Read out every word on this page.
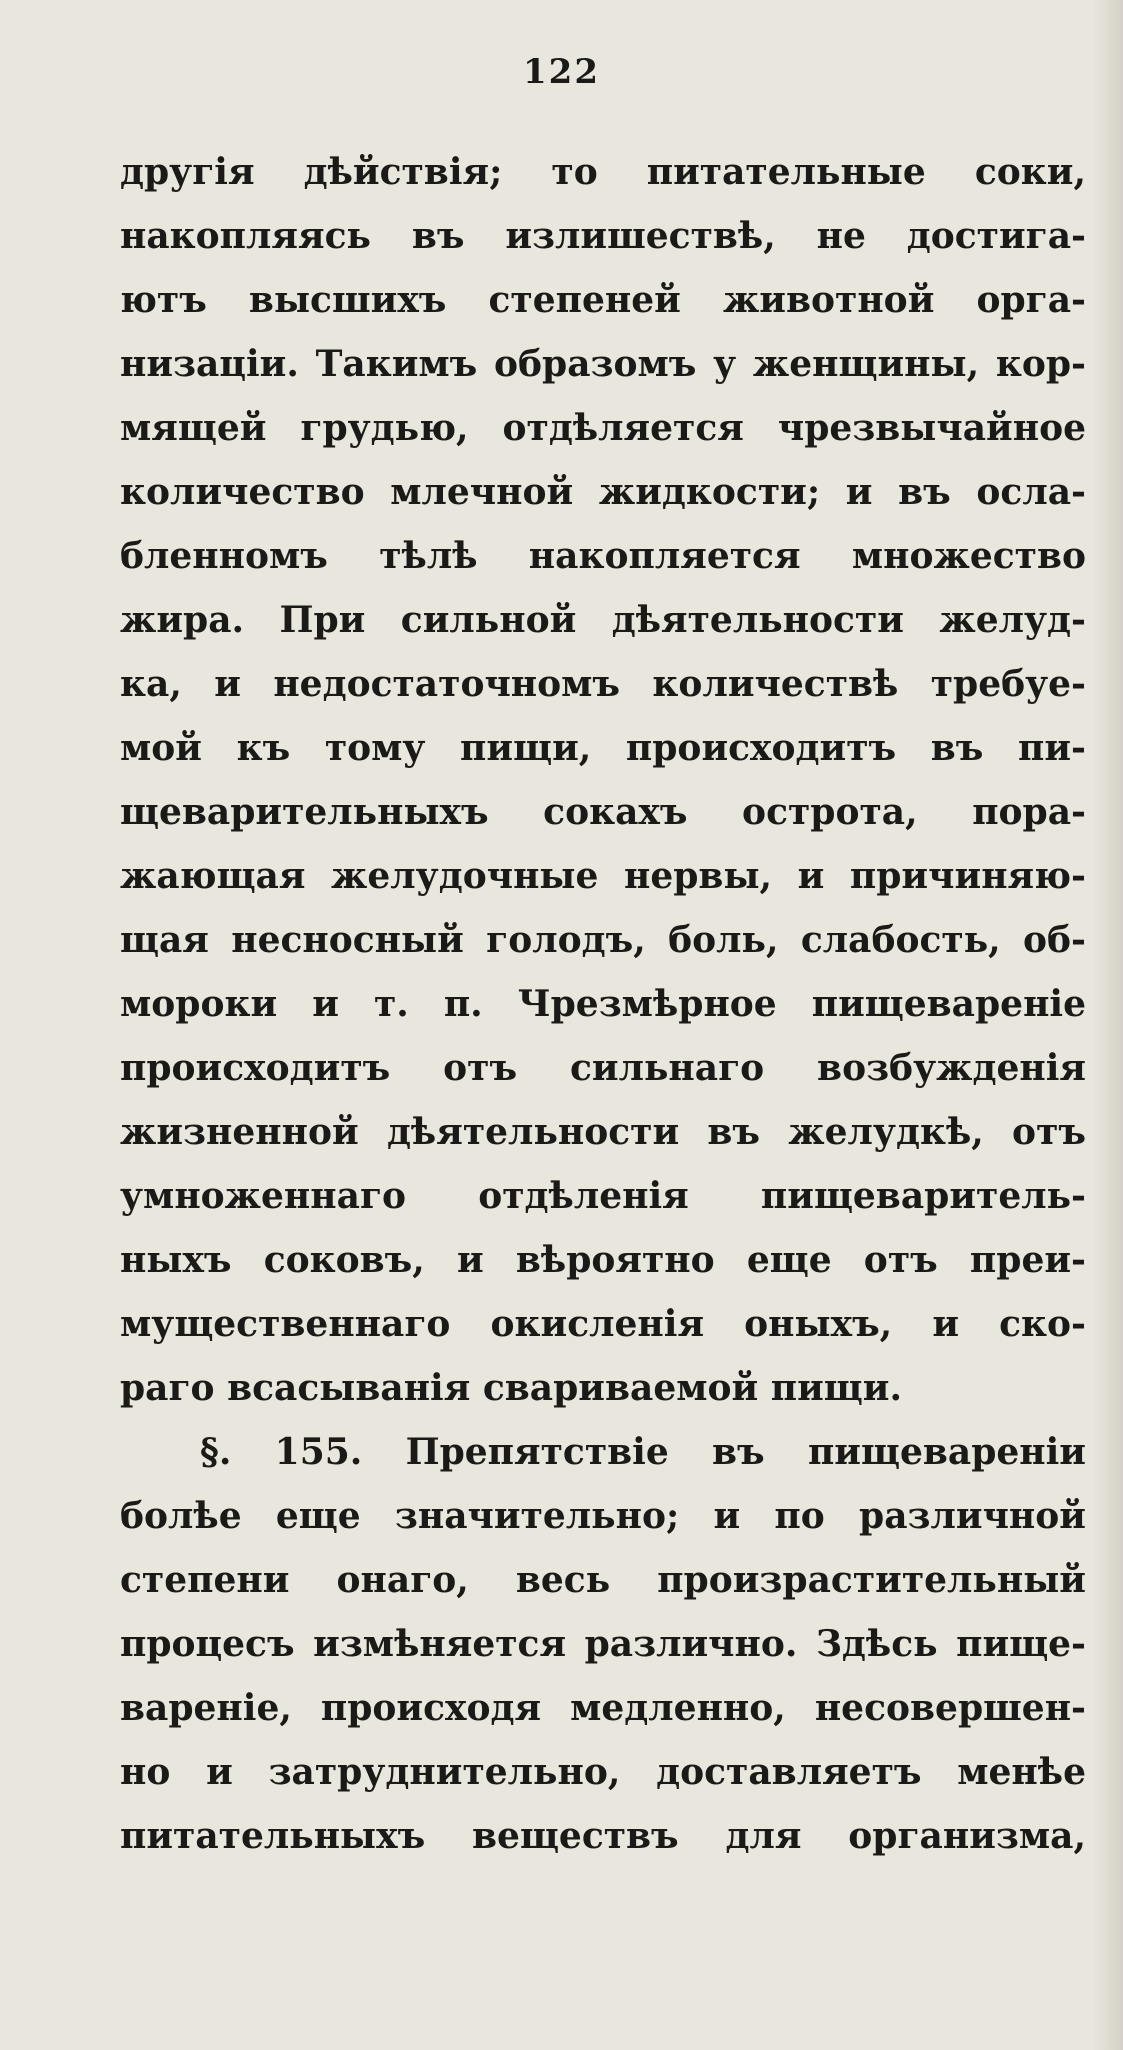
122
другія дѣйствія; то питательные соки,
накопляясь въ излишествѣ, не достига-
ютъ высшихъ степеней животной орга-
низаціи. Такимъ образомъ у женщины, кор-
мящей грудью, отдѣляется чрезвычайное
количество млечной жидкости; и въ осла-
бленномъ тѣлѣ накопляется множество
жира. При сильной дѣятельности желуд-
ка, и недостаточномъ количествѣ требуе-
мой къ тому пищи, происходитъ въ пи-
щеварительныхъ сокахъ острота, пора-
жающая желудочные нервы, и причиняю-
щая несносный голодъ, боль, слабость, об-
мороки и т. п. Чрезмѣрное пищевареніе
происходитъ отъ сильнаго возбужденія
жизненной дѣятельности въ желудкѣ, отъ
умноженнаго отдѣленія пищеваритель-
ныхъ соковъ, и вѣроятно еще отъ преи-
мущественнаго окисленія оныхъ, и ско-
раго всасыванія свариваемой пищи.
§. 155. Препятствіе въ пищевареніи
болѣе еще значительно; и по различной
степени онаго, весь произрастительный
процесъ измѣняется различно. Здѣсь пище-
вареніе, происходя медленно, несовершен-
но и затруднительно, доставляетъ менѣе
питательныхъ веществъ для организма,
